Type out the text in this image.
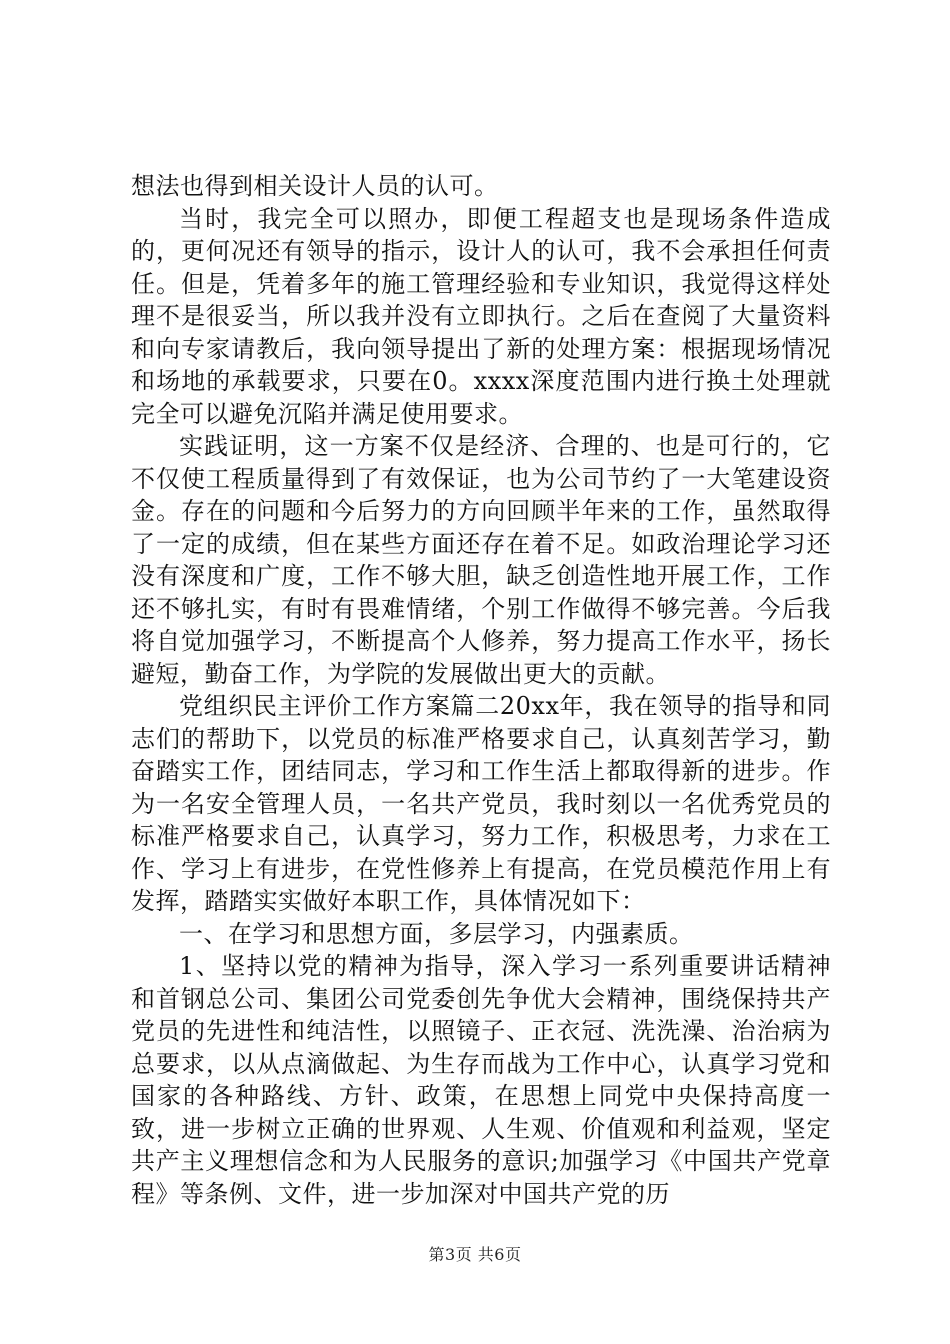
想法也得到相关设计人员的认可。

当时，我完全可以照办，即便工程超支也是现场条件造成的，更何况还有领导的指示，设计人的认可，我不会承担任何责任。但是，凭着多年的施工管理经验和专业知识，我觉得这样处理不是很妥当，所以我并没有立即执行。之后在查阅了大量资料和向专家请教后，我向领导提出了新的处理方案：根据现场情况和场地的承载要求，只要在0。xxxx深度范围内进行换土处理就完全可以避免沉陷并满足使用要求。

实践证明，这一方案不仅是经济、合理的、也是可行的，它不仅使工程质量得到了有效保证，也为公司节约了一大笔建设资金。存在的问题和今后努力的方向回顾半年来的工作，虽然取得了一定的成绩，但在某些方面还存在着不足。如政治理论学习还没有深度和广度，工作不够大胆，缺乏创造性地开展工作，工作还不够扎实，有时有畏难情绪，个别工作做得不够完善。今后我将自觉加强学习，不断提高个人修养，努力提高工作水平，扬长避短，勤奋工作，为学院的发展做出更大的贡献。

党组织民主评价工作方案篇二20xx年，我在领导的指导和同志们的帮助下，以党员的标准严格要求自己，认真刻苦学习，勤奋踏实工作，团结同志，学习和工作生活上都取得新的进步。作为一名安全管理人员，一名共产党员，我时刻以一名优秀党员的标准严格要求自己，认真学习，努力工作，积极思考，力求在工作、学习上有进步，在党性修养上有提高，在党员模范作用上有发挥，踏踏实实做好本职工作，具体情况如下：

一、在学习和思想方面，多层学习，内强素质。

1、坚持以党的精神为指导，深入学习一系列重要讲话精神和首钢总公司、集团公司党委创先争优大会精神，围绕保持共产党员的先进性和纯洁性，以照镜子、正衣冠、洗洗澡、治治病为总要求，以从点滴做起、为生存而战为工作中心，认真学习党和国家的各种路线、方针、政策，在思想上同党中央保持高度一致，进一步树立正确的世界观、人生观、价值观和利益观，坚定共产主义理想信念和为人民服务的意识;加强学习《中国共产党章程》等条例、文件，进一步加深对中国共产党的历

第3页 共6页
